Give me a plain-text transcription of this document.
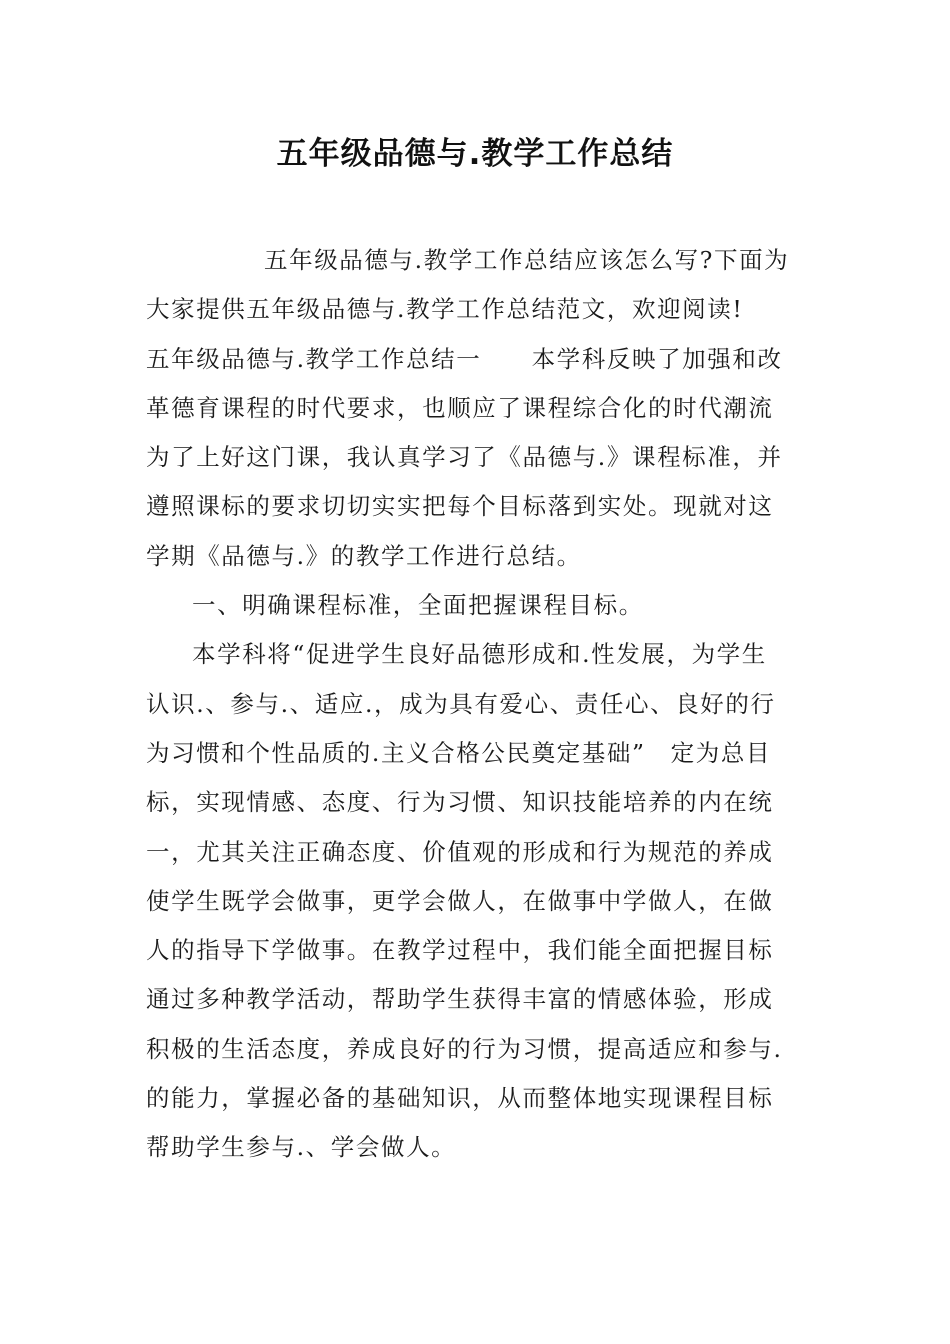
五年级品德与.教学工作总结
五年级品德与.教学工作总结应该怎么写?下面为
大家提供五年级品德与.教学工作总结范文，欢迎阅读!
五年级品德与.教学工作总结一　　本学科反映了加强和改
革德育课程的时代要求，也顺应了课程综合化的时代潮流
为了上好这门课，我认真学习了《品德与.》课程标准，并
遵照课标的要求切切实实把每个目标落到实处。现就对这
学期《品德与.》的教学工作进行总结。
一、明确课程标准，全面把握课程目标。
本学科将“促进学生良好品德形成和.性发展，为学生
认识.、参与.、适应.，成为具有爱心、责任心、良好的行
为习惯和个性品质的.主义合格公民奠定基础”　定为总目
标，实现情感、态度、行为习惯、知识技能培养的内在统
一，尤其关注正确态度、价值观的形成和行为规范的养成
使学生既学会做事，更学会做人，在做事中学做人，在做
人的指导下学做事。在教学过程中，我们能全面把握目标
通过多种教学活动，帮助学生获得丰富的情感体验，形成
积极的生活态度，养成良好的行为习惯，提高适应和参与.
的能力，掌握必备的基础知识，从而整体地实现课程目标
帮助学生参与.、学会做人。
